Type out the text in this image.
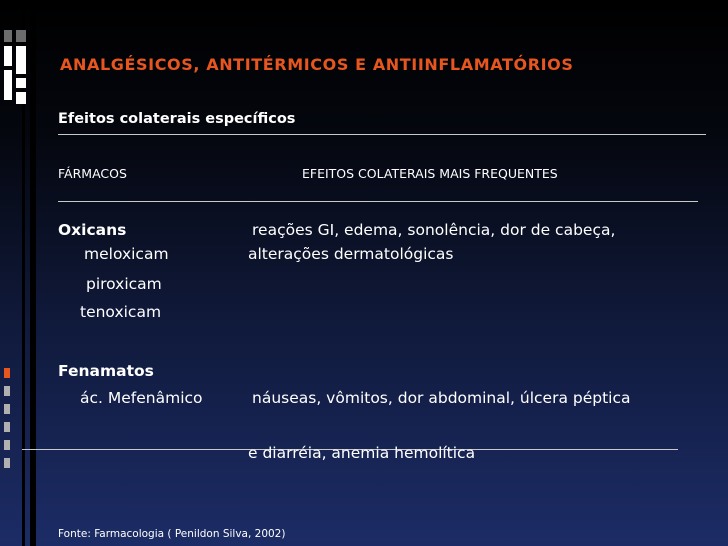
ANALGÉSICOS, ANTITÉRMICOS E ANTIINFLAMATÓRIOS
Efeitos colaterais específicos
FÁRMACOS	EFEITOS COLATERAIS MAIS FREQUENTES
Oxicans	reações GI, edema, sonolência, dor de cabeça,
meloxicam	alterações dermatológicas
piroxicam
tenoxicam
Fenamatos
ác. Mefenâmico	náuseas, vômitos, dor abdominal, úlcera péptica
e diarréia, anemia hemolítica
Fonte: Farmacologia ( Penildon Silva, 2002)
